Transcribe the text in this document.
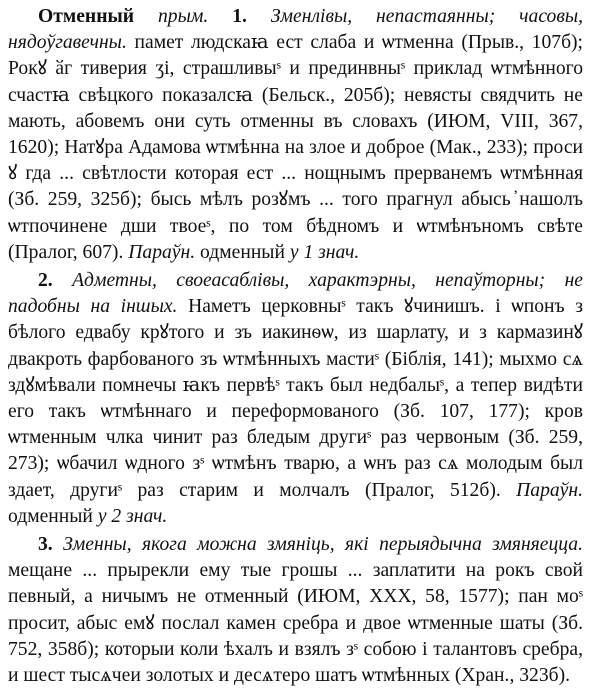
Отменный прым. 1. Зменлівы, непастаянны; часовы, нядоўгавечны. памет людскаꙗ ест слаба и ѡтменна (Прыв., 107б); Рокꙋ ӑг тиверия ӡі, страшливыˢ и прединвныˢ приклад ѡтмѣнного счастꙗ свѣцкого показалсꙗ (Бельск., 205б); невясты свядчить не мають, абовемъ они суть отменны въ словахъ (ИЮМ, VIII, 367, 1620); Натꙋра Адамова ѡтмѣнна на злое и доброе (Мак., 233); проси ꙋ гда ... свѣтлости которая ест ... нощнымъ прерванемъ ѡтмѣнная (Зб. 259, 325б); бысь мѣлъ розꙋмъ ... того прагнул абысь ҆нашолъ ѡтпочинене дши твоеˢ, по том бѣдномъ и ѡтмѣнъномъ свѣте (Пралог, 607). Параўн. одменный у 1 знач.

2. Адметны, своеасаблівы, характэрны, непаўторны; не падобны на іншых. Наметъ церковныˢ такъ ꙋчинишъ. і ѡпонъ з бѣлого едвабу крꙋтого и зъ иакинѳѡ, из шарлату, и з кармазинꙋ двакроть фарбованого зъ ѡтмѣнныхъ мастиˢ (Біблія, 141); мыхмо сѧ здꙋмѣвали помнечы ꙗкъ первѣˢ такъ был недбалыˢ, а тепер видѣти его такъ ѡтмѣннаго и переформованого (Зб. 107, 177); кров ѡтменным члка чинит раз бледым другиˢ раз червоным (Зб. 259, 273); ѡбачил ѡдного зˢ ѡтмѣнъ тварю, а ѡнъ раз сѧ молодым был здает, другиˢ раз старим и молчалъ (Пралог, 512б). Параўн. одменный у 2 знач.

3. Зменны, якога можна змяніць, які перыядычна змяняецца. мещане ... прырекли ему тые грошы ... заплатити на рокъ свой певный, а ничымъ не отменный (ИЮМ, XXX, 58, 1577); пан моˢ просит, абыс емꙋ послал камен сребра и двое ѡтменные шаты (Зб. 752, 358б); которыи коли ѣхалъ и взялъ зˢ собою і талантовъ сребра, и шест тысѧчеи золотых и десѧтеро шатъ ѡтмѣнных (Хран., 323б).
